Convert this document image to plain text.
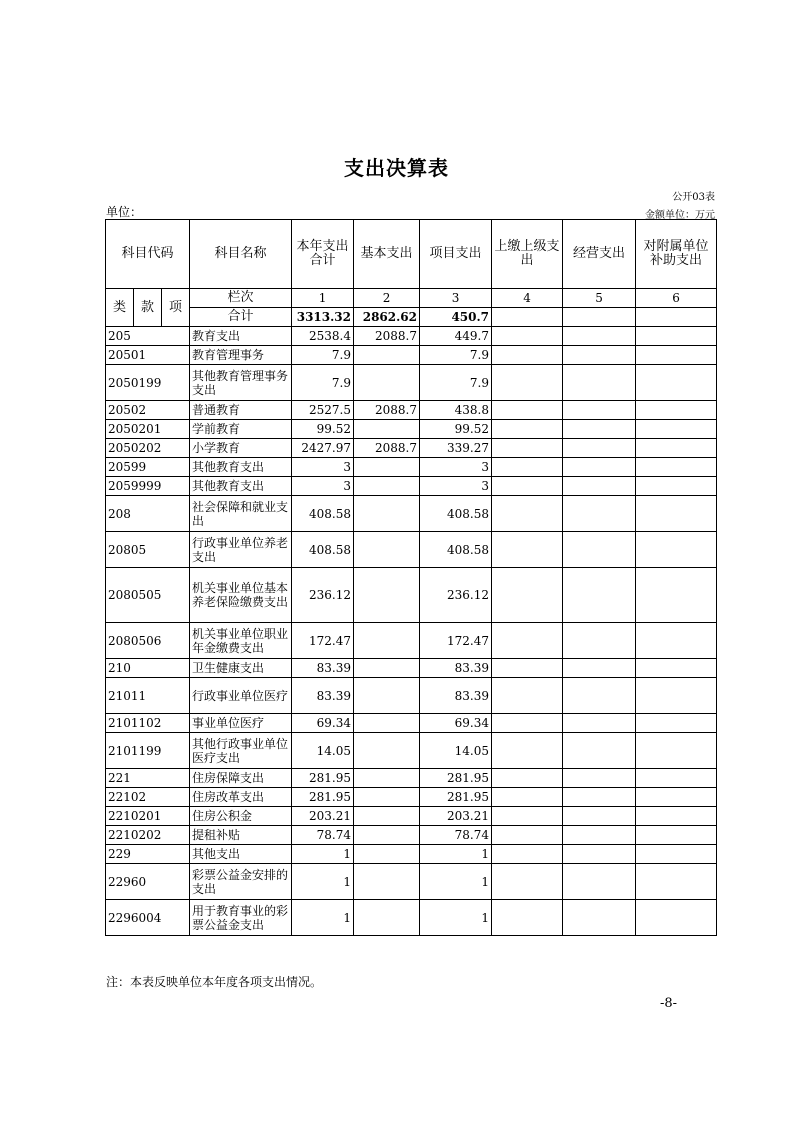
支出决算表
公开03表
单位：	金额单位：万元
科目代码			科目名称	本年支出合计	基本支出	项目支出	上缴上级支出	经营支出	对附属单位补助支出
类	款	项	栏次	1	2	3	4	5	6
			合计	3313.32	2862.62	450.7			
205			教育支出	2538.4	2088.7	449.7			
20501			教育管理事务	7.9		7.9			
2050199			其他教育管理事务支出	7.9		7.9			
20502			普通教育	2527.5	2088.7	438.8			
2050201			学前教育	99.52		99.52			
2050202			小学教育	2427.97	2088.7	339.27			
20599			其他教育支出	3		3			
2059999			其他教育支出	3		3			
208			社会保障和就业支出	408.58		408.58			
20805			行政事业单位养老支出	408.58		408.58			
2080505			机关事业单位基本养老保险缴费支出	236.12		236.12			
2080506			机关事业单位职业年金缴费支出	172.47		172.47			
210			卫生健康支出	83.39		83.39			
21011			行政事业单位医疗	83.39		83.39			
2101102			事业单位医疗	69.34		69.34			
2101199			其他行政事业单位医疗支出	14.05		14.05			
221			住房保障支出	281.95		281.95			
22102			住房改革支出	281.95		281.95			
2210201			住房公积金	203.21		203.21			
2210202			提租补贴	78.74		78.74			
229			其他支出	1		1			
22960			彩票公益金安排的支出	1		1			
2296004			用于教育事业的彩票公益金支出	1		1			
注：本表反映单位本年度各项支出情况。
-8-
